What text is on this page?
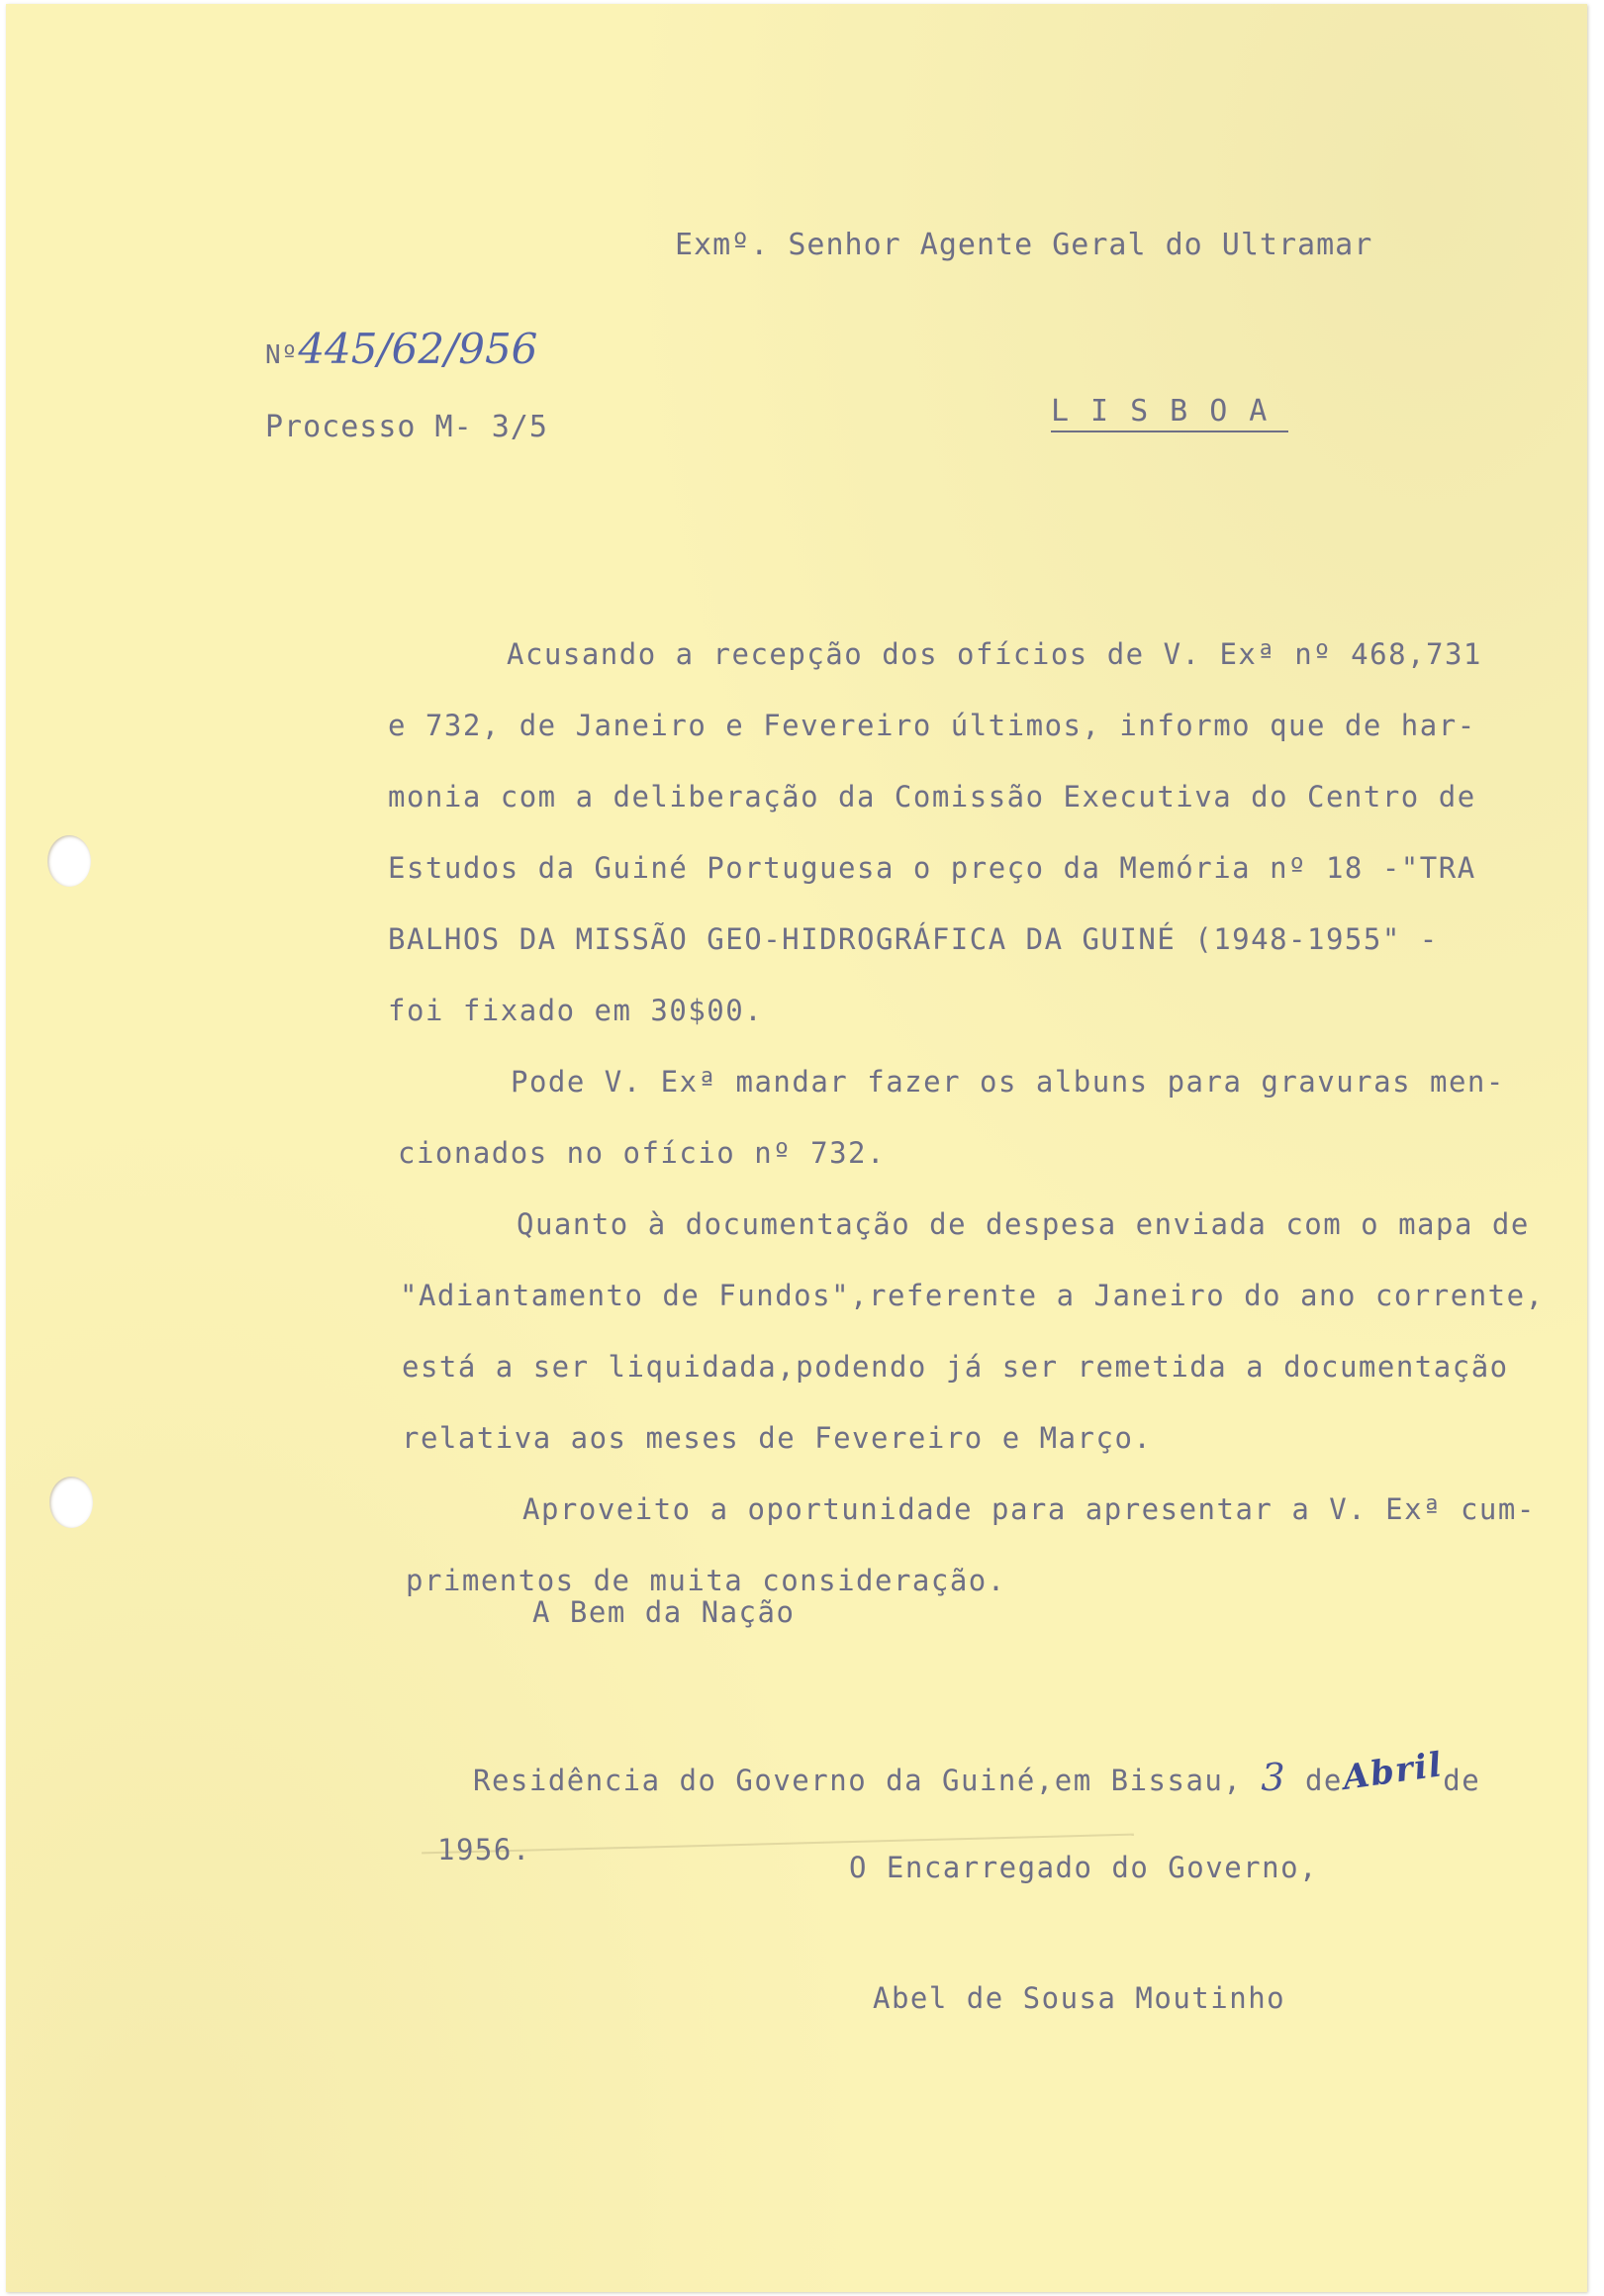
Exmº. Senhor Agente Geral do Ultramar

Nº445/62/956

Processo M- 3/5	LISBOA

Acusando a recepção dos ofícios de V. Exª nº 468,731

e 732, de Janeiro e Fevereiro últimos, informo que de har-

monia com a deliberação da Comissão Executiva do Centro de

Estudos da Guiné Portuguesa o preço da Memória nº 18 -"TRA

BALHOS DA MISSÃO GEO-HIDROGRÁFICA DA GUINÉ (1948-1955" -

foi fixado em 30$00.

Pode V. Exª mandar fazer os albuns para gravuras men-

cionados no ofício nº 732.

Quanto à documentação de despesa enviada com o mapa de

"Adiantamento de Fundos",referente a Janeiro do ano corrente,

está a ser liquidada,podendo já ser remetida a documentação

relativa aos meses de Fevereiro e Março.

Aproveito a oportunidade para apresentar a V. Exª cum-

primentos de muita consideração.

A Bem da Nação

Residência do Governo da Guiné,em Bissau, 3 deAbrilde

1956.

O Encarregado do Governo,

Abel de Sousa Moutinho
